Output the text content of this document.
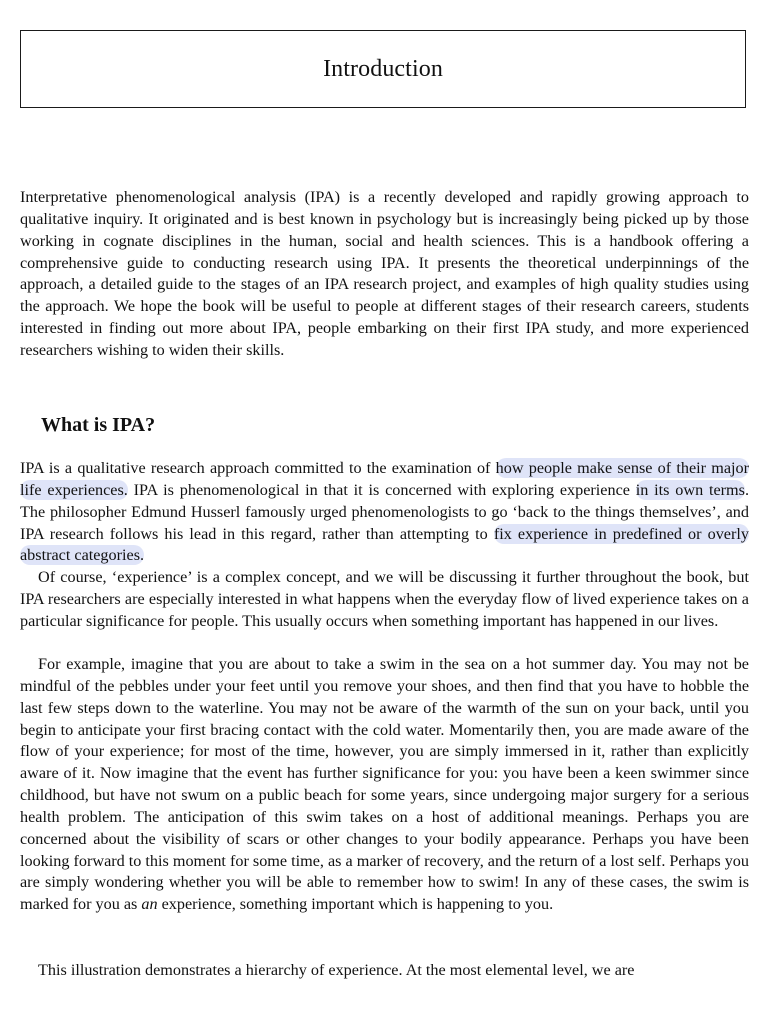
Introduction

Interpretative phenomenological analysis (IPA) is a recently developed and rapidly growing approach to qualitative inquiry. It originated and is best known in psychology but is increasingly being picked up by those working in cognate disciplines in the human, social and health sciences. This is a handbook offering a comprehensive guide to conducting research using IPA. It presents the theoretical underpinnings of the approach, a detailed guide to the stages of an IPA research project, and examples of high quality studies using the approach. We hope the book will be useful to people at different stages of their research careers, students interested in finding out more about IPA, people embarking on their first IPA study, and more experienced researchers wishing to widen their skills.

What is IPA?

IPA is a qualitative research approach committed to the examination of how people make sense of their major life experiences. IPA is phenomenological in that it is concerned with exploring experience in its own terms. The philosopher Edmund Husserl famously urged phenomenologists to go ‘back to the things themselves’, and IPA research follows his lead in this regard, rather than attempting to fix experience in predefined or overly abstract categories.

Of course, ‘experience’ is a complex concept, and we will be discussing it further throughout the book, but IPA researchers are especially interested in what happens when the everyday flow of lived experience takes on a particular significance for people. This usually occurs when something important has happened in our lives.

For example, imagine that you are about to take a swim in the sea on a hot summer day. You may not be mindful of the pebbles under your feet until you remove your shoes, and then find that you have to hobble the last few steps down to the waterline. You may not be aware of the warmth of the sun on your back, until you begin to anticipate your first bracing contact with the cold water. Momentarily then, you are made aware of the flow of your experience; for most of the time, however, you are simply immersed in it, rather than explicitly aware of it. Now imagine that the event has further significance for you: you have been a keen swimmer since childhood, but have not swum on a public beach for some years, since undergoing major surgery for a serious health problem. The anticipation of this swim takes on a host of additional meanings. Perhaps you are concerned about the visibility of scars or other changes to your bodily appearance. Perhaps you have been looking forward to this moment for some time, as a marker of recovery, and the return of a lost self. Perhaps you are simply wondering whether you will be able to remember how to swim! In any of these cases, the swim is marked for you as an experience, something important which is happening to you.

This illustration demonstrates a hierarchy of experience. At the most elemental level, we are
